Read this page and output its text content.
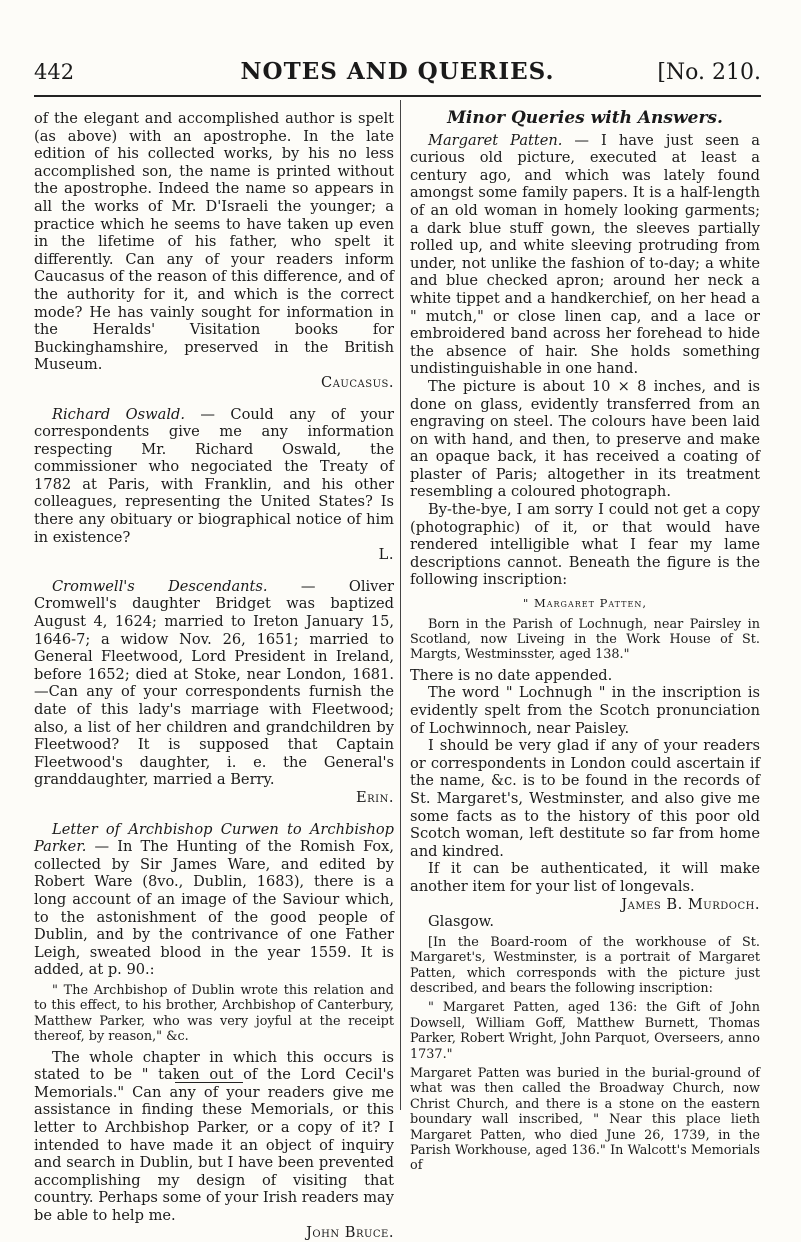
442	NOTES AND QUERIES.	[No. 210.

of the elegant and accomplished author is spelt (as above) with an apostrophe. In the late edition of his collected works, by his no less accomplished son, the name is printed without the apostrophe. Indeed the name so appears in all the works of Mr. D'Israeli the younger; a practice which he seems to have taken up even in the lifetime of his father, who spelt it differently. Can any of your readers inform Caucasus of the reason of this difference, and of the authority for it, and which is the correct mode? He has vainly sought for information in the Heralds' Visitation books for Buckinghamshire, preserved in the British Museum.

Caucasus.

Richard Oswald. — Could any of your correspondents give me any information respecting Mr. Richard Oswald, the commissioner who negociated the Treaty of 1782 at Paris, with Franklin, and his other colleagues, representing the United States? Is there any obituary or biographical notice of him in existence?

L.

Cromwell's Descendants. — Oliver Cromwell's daughter Bridget was baptized August 4, 1624; married to Ireton January 15, 1646-7; a widow Nov. 26, 1651; married to General Fleetwood, Lord President in Ireland, before 1652; died at Stoke, near London, 1681.—Can any of your correspondents furnish the date of this lady's marriage with Fleetwood; also, a list of her children and grandchildren by Fleetwood? It is supposed that Captain Fleetwood's daughter, i. e. the General's granddaughter, married a Berry.

Erin.

Letter of Archbishop Curwen to Archbishop Parker. — In The Hunting of the Romish Fox, collected by Sir James Ware, and edited by Robert Ware (8vo., Dublin, 1683), there is a long account of an image of the Saviour which, to the astonishment of the good people of Dublin, and by the contrivance of one Father Leigh, sweated blood in the year 1559. It is added, at p. 90.:

" The Archbishop of Dublin wrote this relation and to this effect, to his brother, Archbishop of Canterbury, Matthew Parker, who was very joyful at the receipt thereof, by reason," &c.

The whole chapter in which this occurs is stated to be " taken out of the Lord Cecil's Memorials." Can any of your readers give me assistance in finding these Memorials, or this letter to Archbishop Parker, or a copy of it? I intended to have made it an object of inquiry and search in Dublin, but I have been prevented accomplishing my design of visiting that country. Perhaps some of your Irish readers may be able to help me.

John Bruce.
Minor Queries with Answers.

Margaret Patten. — I have just seen a curious old picture, executed at least a century ago, and which was lately found amongst some family papers. It is a half-length of an old woman in homely looking garments; a dark blue stuff gown, the sleeves partially rolled up, and white sleeving protruding from under, not unlike the fashion of to-day; a white and blue checked apron; around her neck a white tippet and a handkerchief, on her head a " mutch," or close linen cap, and a lace or embroidered band across her forehead to hide the absence of hair. She holds something undistinguishable in one hand.

The picture is about 10 × 8 inches, and is done on glass, evidently transferred from an engraving on steel. The colours have been laid on with hand, and then, to preserve and make an opaque back, it has received a coating of plaster of Paris; altogether in its treatment resembling a coloured photograph.

By-the-bye, I am sorry I could not get a copy (photographic) of it, or that would have rendered intelligible what I fear my lame descriptions cannot. Beneath the figure is the following inscription:

" Margaret Patten,

Born in the Parish of Lochnugh, near Pairsley in Scotland, now Liveing in the Work House of St. Margts, Westminsster, aged 138."

There is no date appended.

The word " Lochnugh " in the inscription is evidently spelt from the Scotch pronunciation of Lochwinnoch, near Paisley.

I should be very glad if any of your readers or correspondents in London could ascertain if the name, &c. is to be found in the records of St. Margaret's, Westminster, and also give me some facts as to the history of this poor old Scotch woman, left destitute so far from home and kindred.

If it can be authenticated, it will make another item for your list of longevals.

James B. Murdoch.

Glasgow.

[In the Board-room of the workhouse of St. Margaret's, Westminster, is a portrait of Margaret Patten, which corresponds with the picture just described, and bears the following inscription:

" Margaret Patten, aged 136: the Gift of John Dowsell, William Goff, Matthew Burnett, Thomas Parker, Robert Wright, John Parquot, Overseers, anno 1737."

Margaret Patten was buried in the burial-ground of what was then called the Broadway Church, now Christ Church, and there is a stone on the eastern boundary wall inscribed, " Near this place lieth Margaret Patten, who died June 26, 1739, in the Parish Workhouse, aged 136." In Walcott's Memorials of
